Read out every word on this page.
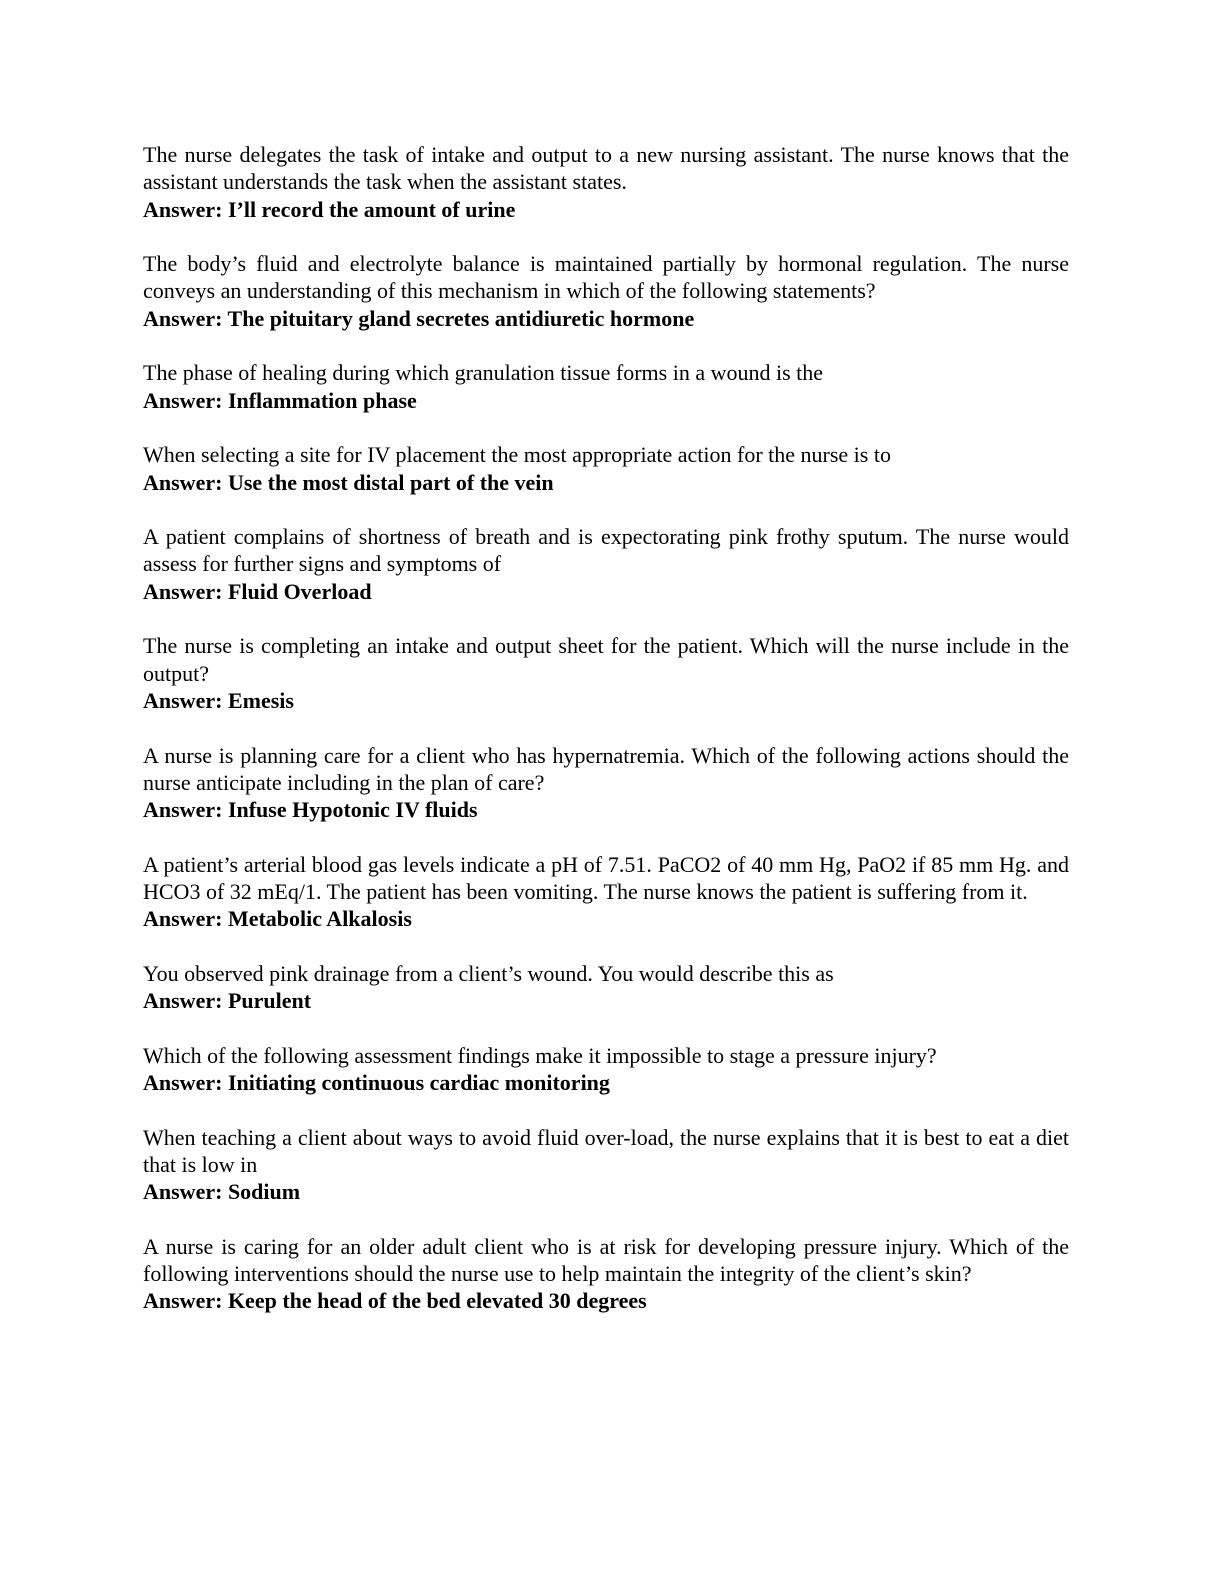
The nurse delegates the task of intake and output to a new nursing assistant. The nurse knows that the assistant understands the task when the assistant states.

Answer: I’ll record the amount of urine

The body’s fluid and electrolyte balance is maintained partially by hormonal regulation. The nurse conveys an understanding of this mechanism in which of the following statements?

Answer: The pituitary gland secretes antidiuretic hormone

The phase of healing during which granulation tissue forms in a wound is the

Answer: Inflammation phase

When selecting a site for IV placement the most appropriate action for the nurse is to

Answer: Use the most distal part of the vein

A patient complains of shortness of breath and is expectorating pink frothy sputum. The nurse would assess for further signs and symptoms of

Answer: Fluid Overload

The nurse is completing an intake and output sheet for the patient. Which will the nurse include in the output?

Answer: Emesis

A nurse is planning care for a client who has hypernatremia. Which of the following actions should the nurse anticipate including in the plan of care?

Answer: Infuse Hypotonic IV fluids

A patient’s arterial blood gas levels indicate a pH of 7.51. PaCO2 of 40 mm Hg, PaO2 if 85 mm Hg. and HCO3 of 32 mEq/1. The patient has been vomiting. The nurse knows the patient is suffering from it.

Answer: Metabolic Alkalosis

You observed pink drainage from a client’s wound. You would describe this as

Answer: Purulent

Which of the following assessment findings make it impossible to stage a pressure injury?

Answer: Initiating continuous cardiac monitoring

When teaching a client about ways to avoid fluid over-load, the nurse explains that it is best to eat a diet that is low in

Answer: Sodium

A nurse is caring for an older adult client who is at risk for developing pressure injury. Which of the following interventions should the nurse use to help maintain the integrity of the client’s skin?

Answer: Keep the head of the bed elevated 30 degrees
